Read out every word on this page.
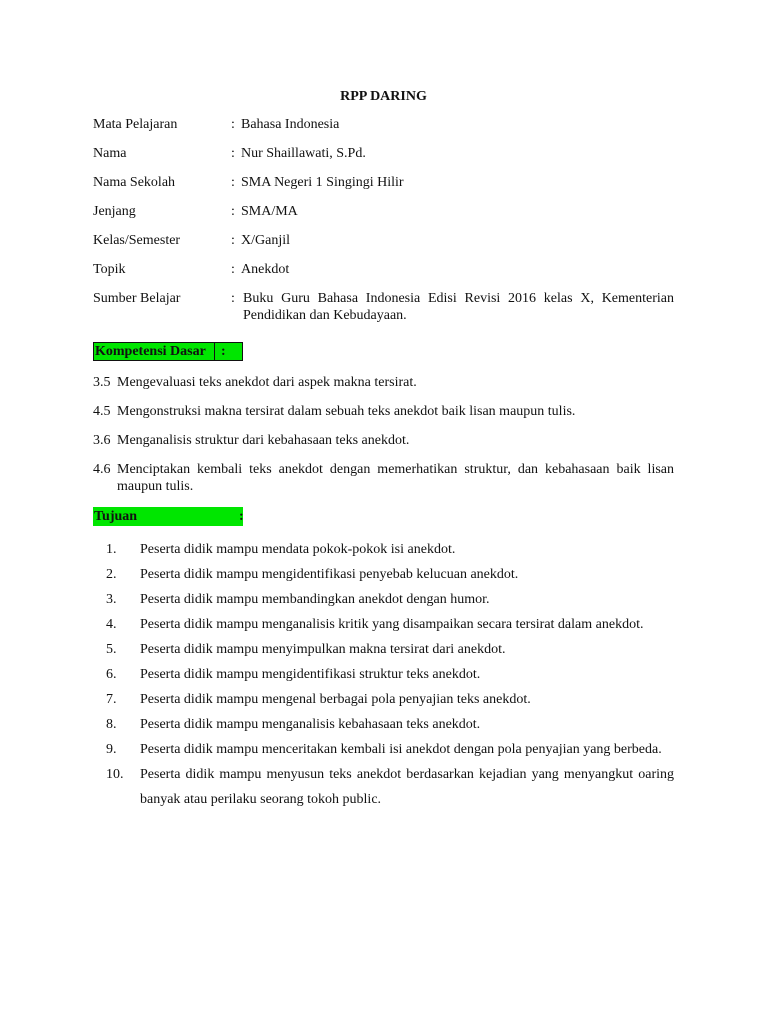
RPP DARING
Mata Pelajaran	: Bahasa Indonesia
Nama	: Nur Shaillawati, S.Pd.
Nama Sekolah	: SMA Negeri 1 Singingi Hilir
Jenjang	: SMA/MA
Kelas/Semester	: X/Ganjil
Topik	: Anekdot
Sumber Belajar	: Buku Guru Bahasa Indonesia Edisi Revisi 2016 kelas X, Kementerian Pendidikan dan Kebudayaan.
Kompetensi Dasar	:
3.5 Mengevaluasi teks anekdot dari aspek makna tersirat.
4.5 Mengonstruksi makna tersirat dalam sebuah teks anekdot baik lisan maupun tulis.
3.6 Menganalisis struktur dari kebahasaan teks anekdot.
4.6 Menciptakan kembali teks anekdot dengan memerhatikan struktur, dan kebahasaan baik lisan maupun tulis.
Tujuan	:
1.	Peserta didik mampu mendata pokok-pokok isi anekdot.
2.	Peserta didik mampu mengidentifikasi penyebab kelucuan anekdot.
3.	Peserta didik mampu membandingkan anekdot dengan humor.
4.	Peserta didik mampu menganalisis kritik yang disampaikan secara tersirat dalam anekdot.
5.	Peserta didik mampu menyimpulkan makna tersirat dari anekdot.
6.	Peserta didik mampu mengidentifikasi struktur teks anekdot.
7.	Peserta didik mampu mengenal berbagai pola penyajian teks anekdot.
8.	Peserta didik mampu menganalisis kebahasaan teks anekdot.
9.	Peserta didik mampu menceritakan kembali isi anekdot dengan pola penyajian yang berbeda.
10.	Peserta didik mampu menyusun teks anekdot berdasarkan kejadian yang menyangkut oaring banyak atau perilaku seorang tokoh public.
